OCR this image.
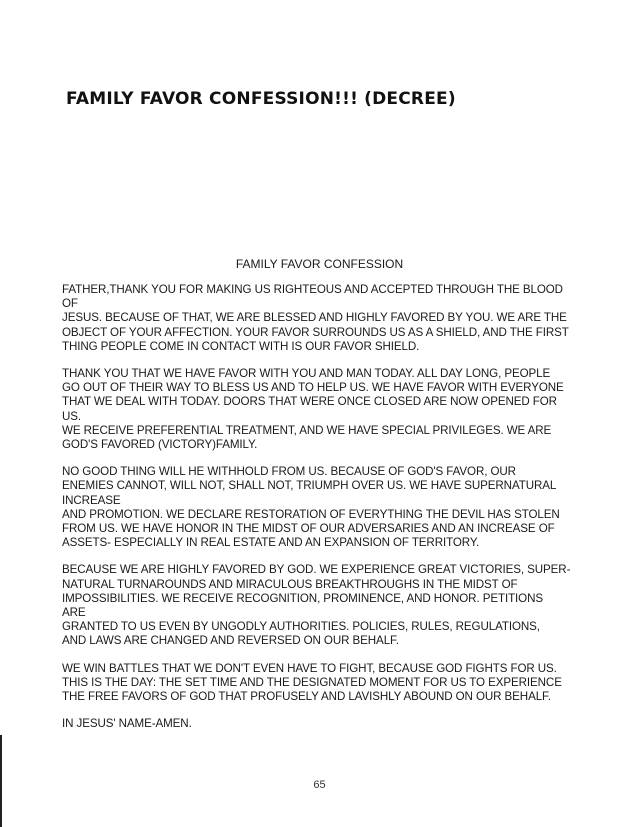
FAMILY FAVOR CONFESSION!!! (DECREE)
FAMILY FAVOR CONFESSION
FATHER,THANK YOU FOR MAKING US RIGHTEOUS AND ACCEPTED THROUGH THE BLOOD
OF
JESUS. BECAUSE OF THAT, WE ARE BLESSED AND HIGHLY FAVORED BY YOU. WE ARE THE
OBJECT OF YOUR AFFECTION. YOUR FAVOR SURROUNDS US AS A SHIELD, AND THE FIRST
THING PEOPLE COME IN CONTACT WITH IS OUR FAVOR SHIELD.
THANK YOU THAT WE HAVE FAVOR WITH YOU AND MAN TODAY. ALL DAY LONG, PEOPLE
GO OUT OF THEIR WAY TO BLESS US AND TO HELP US. WE HAVE FAVOR WITH EVERYONE
THAT WE DEAL WITH TODAY. DOORS THAT WERE ONCE CLOSED ARE NOW OPENED FOR
US.
WE RECEIVE PREFERENTIAL TREATMENT, AND WE HAVE SPECIAL PRIVILEGES. WE ARE
GOD'S FAVORED (VICTORY)FAMILY.
NO GOOD THING WILL HE WITHHOLD FROM US. BECAUSE OF GOD'S FAVOR, OUR
ENEMIES CANNOT, WILL NOT, SHALL NOT, TRIUMPH OVER US. WE HAVE SUPERNATURAL
INCREASE
AND PROMOTION. WE DECLARE RESTORATION OF EVERYTHING THE DEVIL HAS STOLEN
FROM US. WE HAVE HONOR IN THE MIDST OF OUR ADVERSARIES AND AN INCREASE OF
ASSETS- ESPECIALLY IN REAL ESTATE AND AN EXPANSION OF TERRITORY.
BECAUSE WE ARE HIGHLY FAVORED BY GOD. WE EXPERIENCE GREAT VICTORIES, SUPER-
NATURAL TURNAROUNDS AND MIRACULOUS BREAKTHROUGHS IN THE MIDST OF
IMPOSSIBILITIES. WE RECEIVE RECOGNITION, PROMINENCE, AND HONOR. PETITIONS
ARE
GRANTED TO US EVEN BY UNGODLY AUTHORITIES. POLICIES, RULES, REGULATIONS,
AND LAWS ARE CHANGED AND REVERSED ON OUR BEHALF.
WE WIN BATTLES THAT WE DON'T EVEN HAVE TO FIGHT, BECAUSE GOD FIGHTS FOR US.
THIS IS THE DAY: THE SET TIME AND THE DESIGNATED MOMENT FOR US TO EXPERIENCE
THE FREE FAVORS OF GOD THAT PROFUSELY AND LAVISHLY ABOUND ON OUR BEHALF.
IN JESUS' NAME-AMEN.
65
